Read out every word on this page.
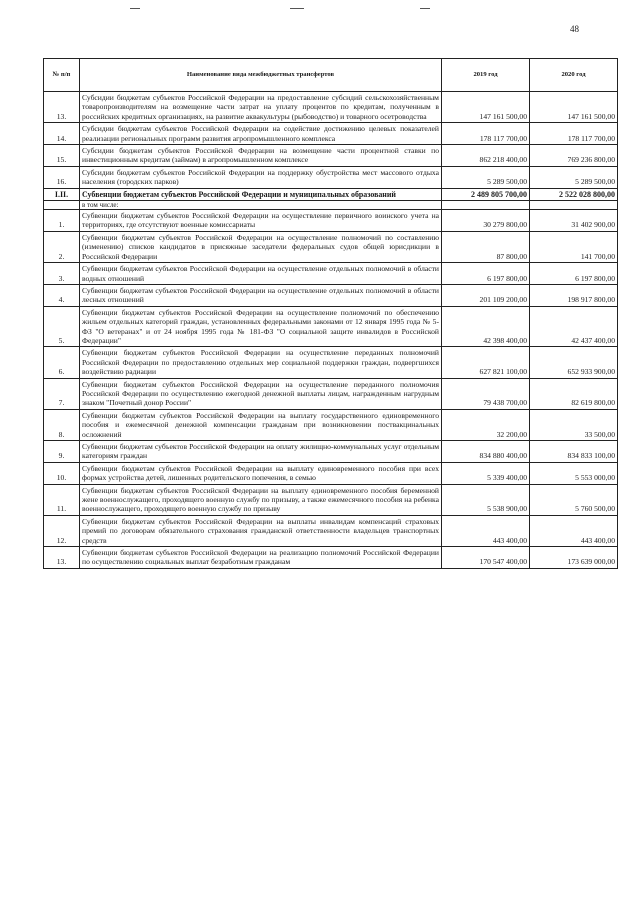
48
№ п/п	Наименование вида межбюджетных трансфертов	2019 год	2020 год
13.	Субсидии бюджетам субъектов Российской Федерации на предоставление субсидий сельскохозяйственным товаропроизводителям на возмещение части затрат на уплату процентов по кредитам, полученным в российских кредитных организациях, на развитие аквакультуры (рыбоводство) и товарного осетроводства	147 161 500,00	147 161 500,00
14.	Субсидии бюджетам субъектов Российской Федерации на содействие достижению целевых показателей реализации региональных программ развития агропромышленного комплекса	178 117 700,00	178 117 700,00
15.	Субсидии бюджетам субъектов Российской Федерации на возмещение части процентной ставки по инвестиционным кредитам (займам) в агропромышленном комплексе	862 218 400,00	769 236 800,00
16.	Субсидии бюджетам субъектов Российской Федерации на поддержку обустройства мест массового отдыха населения (городских парков)	5 289 500,00	5 289 500,00
I.II.	Субвенции бюджетам субъектов Российской Федерации и муниципальных образований	2 489 805 700,00	2 522 028 800,00
	в том числе:		
1.	Субвенции бюджетам субъектов Российской Федерации на осуществление первичного воинского учета на территориях, где отсутствуют военные комиссариаты	30 279 800,00	31 402 900,00
2.	Субвенции бюджетам субъектов Российской Федерации на осуществление полномочий по составлению (изменению) списков кандидатов в присяжные заседатели федеральных судов общей юрисдикции в Российской Федерации	87 800,00	141 700,00
3.	Субвенции бюджетам субъектов Российской Федерации на осуществление отдельных полномочий в области водных отношений	6 197 800,00	6 197 800,00
4.	Субвенции бюджетам субъектов Российской Федерации на осуществление отдельных полномочий в области лесных отношений	201 109 200,00	198 917 800,00
5.	Субвенции бюджетам субъектов Российской Федерации на осуществление полномочий по обеспечению жильем отдельных категорий граждан, установленных федеральными законами от 12 января 1995 года № 5-ФЗ "О ветеранах" и от 24 ноября 1995 года № 181-ФЗ "О социальной защите инвалидов в Российской Федерации"	42 398 400,00	42 437 400,00
6.	Субвенции бюджетам субъектов Российской Федерации на осуществление переданных полномочий Российской Федерации по предоставлению отдельных мер социальной поддержки граждан, подвергшихся воздействию радиации	627 821 100,00	652 933 900,00
7.	Субвенции бюджетам субъектов Российской Федерации на осуществление переданного полномочия Российской Федерации по осуществлению ежегодной денежной выплаты лицам, награжденным нагрудным знаком "Почетный донор России"	79 438 700,00	82 619 800,00
8.	Субвенции бюджетам субъектов Российской Федерации на выплату государственного единовременного пособия и ежемесячной денежной компенсации гражданам при возникновении поствакцинальных осложнений	32 200,00	33 500,00
9.	Субвенции бюджетам субъектов Российской Федерации на оплату жилищно-коммунальных услуг отдельным категориям граждан	834 880 400,00	834 833 100,00
10.	Субвенции бюджетам субъектов Российской Федерации на выплату единовременного пособия при всех формах устройства детей, лишенных родительского попечения, в семью	5 339 400,00	5 553 000,00
11.	Субвенции бюджетам субъектов Российской Федерации на выплату единовременного пособия беременной жене военнослужащего, проходящего военную службу по призыву, а также ежемесячного пособия на ребенка военнослужащего, проходящего военную службу по призыву	5 538 900,00	5 760 500,00
12.	Субвенции бюджетам субъектов Российской Федерации на выплаты инвалидам компенсаций страховых премий по договорам обязательного страхования гражданской ответственности владельцев транспортных средств	443 400,00	443 400,00
13.	Субвенции бюджетам субъектов Российской Федерации на реализацию полномочий Российской Федерации по осуществлению социальных выплат безработным гражданам	170 547 400,00	173 639 000,00
